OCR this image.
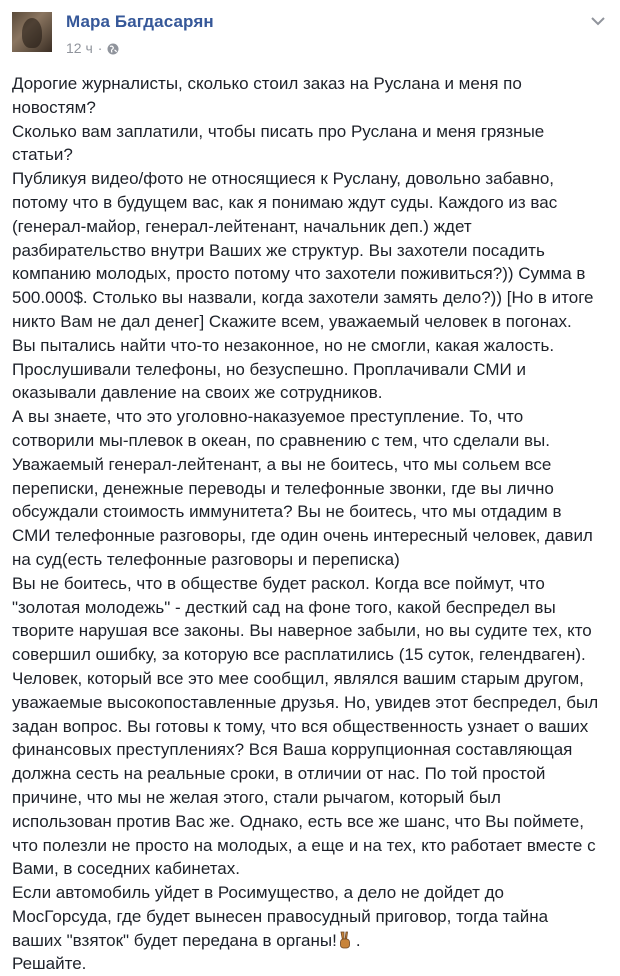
Мара Багдасарян
12 ч ·

Дорогие журналисты, сколько стоил заказ на Руслана и меня по

новостям?

Сколько вам заплатили, чтобы писать про Руслана и меня грязные

статьи?

Публикуя видео/фото не относящиеся к Руслану, довольно забавно,

потому что в будущем вас, как я понимаю ждут суды. Каждого из вас

(генерал-майор, генерал-лейтенант, начальник деп.) ждет

разбирательство внутри Ваших же структур. Вы захотели посадить

компанию молодых, просто потому что захотели поживиться?)) Сумма в

500.000$. Столько вы назвали, когда захотели замять дело?)) [Но в итоге

никто Вам не дал денег] Скажите всем, уважаемый человек в погонах.

Вы пытались найти что-то незаконное, но не смогли, какая жалость.

Прослушивали телефоны, но безуспешно. Проплачивали СМИ и

оказывали давление на своих же сотрудников.

А вы знаете, что это уголовно-наказуемое преступление. То, что

сотворили мы-плевок в океан, по сравнению с тем, что сделали вы.

Уважаемый генерал-лейтенант, а вы не боитесь, что мы сольем все

переписки, денежные переводы и телефонные звонки, где вы лично

обсуждали стоимость иммунитета? Вы не боитесь, что мы отдадим в

СМИ телефонные разговоры, где один очень интересный человек, давил

на суд(есть телефонные разговоры и переписка)

Вы не боитесь, что в обществе будет раскол. Когда все поймут, что

"золотая молодежь" - десткий сад на фоне того, какой беспредел вы

творите нарушая все законы. Вы наверное забыли, но вы судите тех, кто

совершил ошибку, за которую все расплатились (15 суток, гелендваген).

Человек, который все это мее сообщил, являлся вашим старым другом,

уважаемые высокопоставленные друзья. Но, увидев этот беспредел, был

задан вопрос. Вы готовы к тому, что вся общественность узнает о ваших

финансовых преступлениях? Вся Ваша коррупционная составляющая

должна сесть на реальные сроки, в отличии от нас. По той простой

причине, что мы не желая этого, стали рычагом, который был

использован против Вас же. Однако, есть все же шанс, что Вы поймете,

что полезли не просто на молодых, а еще и на тех, кто работает вместе с

Вами, в соседних кабинетах.

Если автомобиль уйдет в Росимущество, а дело не дойдет до

МосГорсуда, где будет вынесен правосудный приговор, тогда тайна

ваших "взяток" будет передана в органы! .

Решайте.
